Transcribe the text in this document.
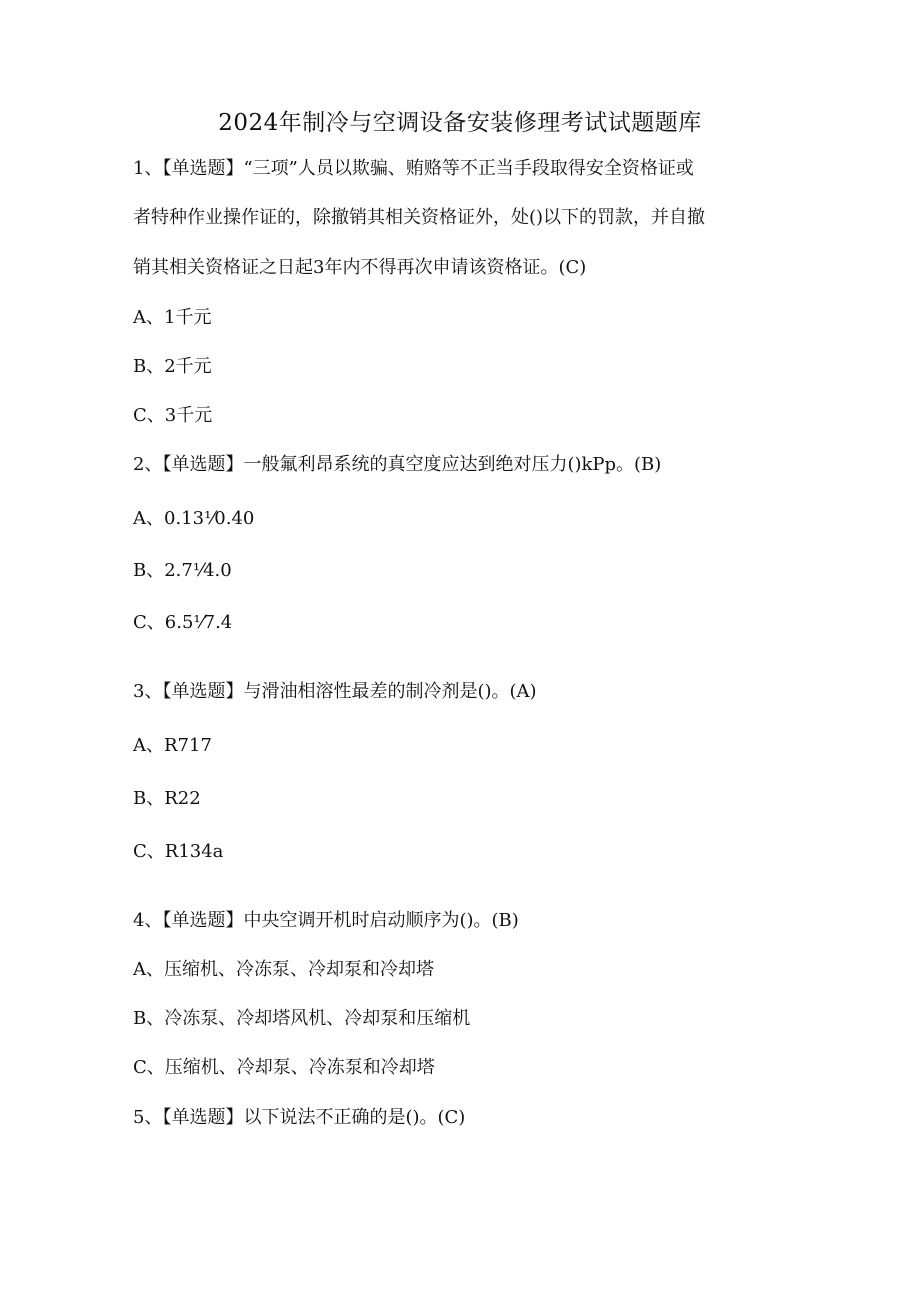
2024年制冷与空调设备安装修理考试试题题库
1、【单选题】“三项”人员以欺骗、贿赂等不正当手段取得安全资格证或
者特种作业操作证的，除撤销其相关资格证外，处()以下的罚款，并自撤
销其相关资格证之日起3年内不得再次申请该资格证。(C)
A、1千元
B、2千元
C、3千元
2、【单选题】一般氟利昂系统的真空度应达到绝对压力()kPp。(B)
A、0.13⅟0.40
B、2.7⅟4.0
C、6.5⅟7.4
3、【单选题】与滑油相溶性最差的制冷剂是()。(A)
A、R717
B、R22
C、R134a
4、【单选题】中央空调开机时启动顺序为()。(B)
A、压缩机、冷冻泵、冷却泵和冷却塔
B、冷冻泵、冷却塔风机、冷却泵和压缩机
C、压缩机、冷却泵、冷冻泵和冷却塔
5、【单选题】以下说法不正确的是()。(C)
